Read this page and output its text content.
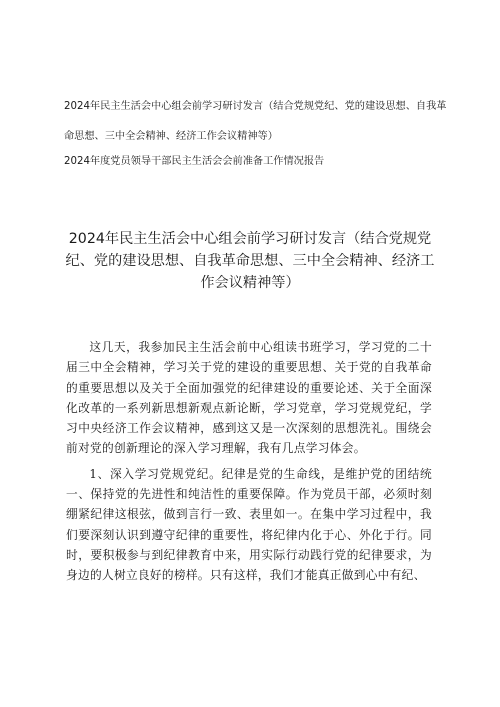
2024年民主生活会中心组会前学习研讨发言（结合党规党纪、党的建设思想、自我革命思想、三中全会精神、经济工作会议精神等）

2024年度党员领导干部民主生活会会前准备工作情况报告

2024年民主生活会中心组会前学习研讨发言（结合党规党纪、党的建设思想、自我革命思想、三中全会精神、经济工作会议精神等）

这几天，我参加民主生活会前中心组读书班学习，学习党的二十届三中全会精神，学习关于党的建设的重要思想、关于党的自我革命的重要思想以及关于全面加强党的纪律建设的重要论述、关于全面深化改革的一系列新思想新观点新论断，学习党章，学习党规党纪，学习中央经济工作会议精神，感到这又是一次深刻的思想洗礼。围绕会前对党的创新理论的深入学习理解，我有几点学习体会。

1、深入学习党规党纪。纪律是党的生命线，是维护党的团结统一、保持党的先进性和纯洁性的重要保障。作为党员干部，必须时刻绷紧纪律这根弦，做到言行一致、表里如一。在集中学习过程中，我们要深刻认识到遵守纪律的重要性，将纪律内化于心、外化于行。同时，要积极参与到纪律教育中来，用实际行动践行党的纪律要求，为身边的人树立良好的榜样。只有这样，我们才能真正做到心中有纪、
